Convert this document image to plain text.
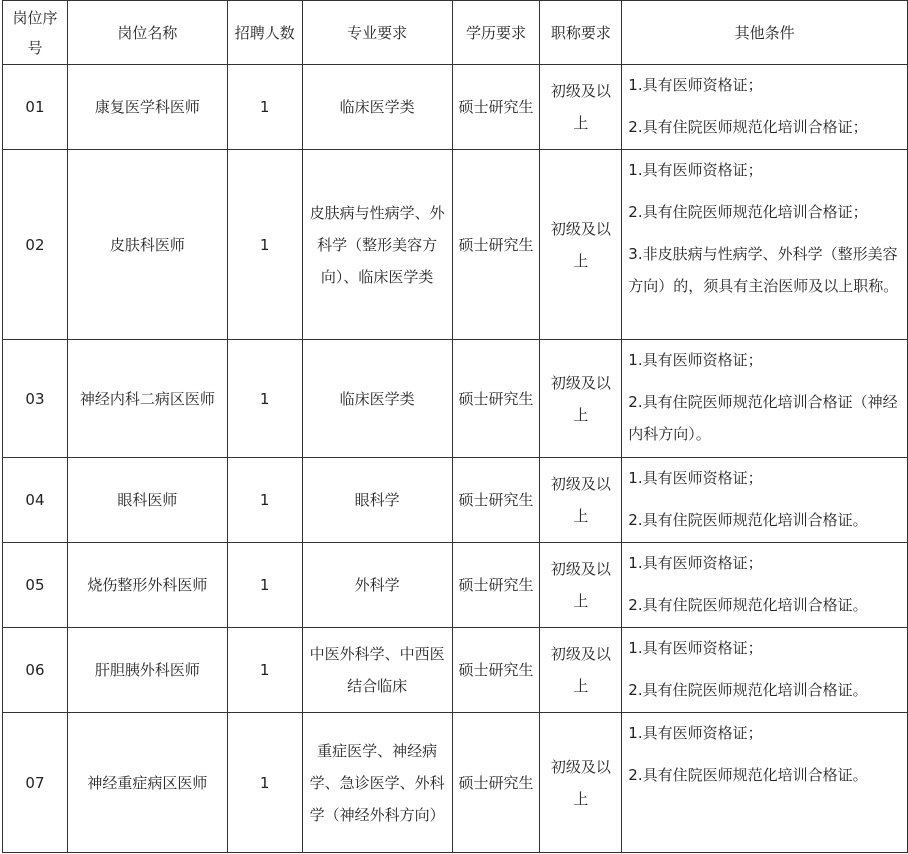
岗位序号	岗位名称	招聘人数	专业要求	学历要求	职称要求	其他条件
01	康复医学科医师	1	临床医学类	硕士研究生	初级及以上	1.具有医师资格证；

2.具有住院医师规范化培训合格证；

02	皮肤科医师	1	皮肤病与性病学、外科学（整形美容方向）、临床医学类	硕士研究生	初级及以上	1.具有医师资格证；

2.具有住院医师规范化培训合格证；

3.非皮肤病与性病学、外科学（整形美容方向）的，须具有主治医师及以上职称。

03	神经内科二病区医师	1	临床医学类	硕士研究生	初级及以上	1.具有医师资格证；

2.具有住院医师规范化培训合格证（神经内科方向）。

04	眼科医师	1	眼科学	硕士研究生	初级及以上	1.具有医师资格证；

2.具有住院医师规范化培训合格证。

05	烧伤整形外科医师	1	外科学	硕士研究生	初级及以上	1.具有医师资格证；

2.具有住院医师规范化培训合格证。

06	肝胆胰外科医师	1	中医外科学、中西医结合临床	硕士研究生	初级及以上	1.具有医师资格证；

2.具有住院医师规范化培训合格证。

07	神经重症病区医师	1	重症医学、神经病学、急诊医学、外科学（神经外科方向）	硕士研究生	初级及以上	1.具有医师资格证；

2.具有住院医师规范化培训合格证。
